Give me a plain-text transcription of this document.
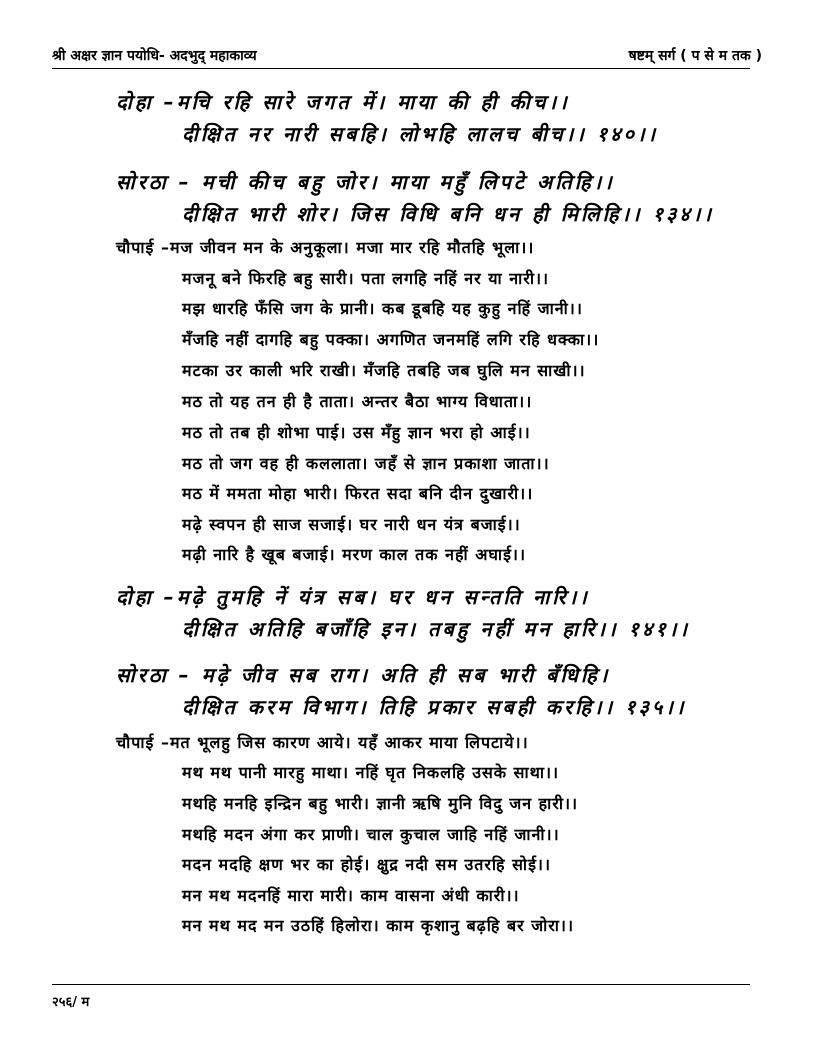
श्री अक्षर ज्ञान पयोधि- अदभुद् महाकाव्य	षष्टम् सर्ग ( प से म तक )
दोहा –मचि रहि सारे जगत में। माया की ही कीच।।
दीक्षित नर नारी सबहि। लोभहि लालच बीच।। १४०।।
सोरठा – मची कीच बहु जोर। माया महुँ लिपटे अतिहि।।
दीक्षित भारी शोर। जिस विधि बनि धन ही मिलिहि।। १३४।।
चौपाई –मज जीवन मन के अनुकूला। मजा मार रहि मौतहि भूला।।
मजनू बने फिरहि बहु सारी। पता लगहि नहिं नर या नारी।।
मझ धारहि फँसि जग के प्रानी। कब डूबहि यह कुहु नहिं जानी।।
मँजहि नहीं दागहि बहु पक्का। अगणित जनमहिं लगि रहि धक्का।।
मटका उर काली भरि राखी। मँजहि तबहि जब घुलि मन साखी।।
मठ तो यह तन ही है ताता। अन्तर बैठा भाग्य विधाता।।
मठ तो तब ही शोभा पाई। उस मँहु ज्ञान भरा हो आई।।
मठ तो जग वह ही कललाता। जहँ से ज्ञान प्रकाशा जाता।।
मठ में ममता मोहा भारी। फिरत सदा बनि दीन दुखारी।।
मढ़े स्वपन ही साज सजाई। घर नारी धन यंत्र बजाई।।
मढ़ी नारि है खूब बजाई। मरण काल तक नहीं अघाई।।
दोहा –मढ़े तुमहि नें यंत्र सब। घर धन सन्तति नारि।।
दीक्षित अतिहि बजाँहि इन। तबहु नहीं मन हारि।। १४१।।
सोरठा – मढ़े जीव सब राग। अति ही सब भारी बँधिहि।
दीक्षित करम विभाग। तिहि प्रकार सबही करहि।। १३५।।
चौपाई –मत भूलहु जिस कारण आये। यहँ आकर माया लिपटाये।।
मथ मथ पानी मारहु माथा। नहिं घृत निकलहि उसके साथा।।
मथहि मनहि इन्द्रिन बहु भारी। ज्ञानी ऋषि मुनि विदु जन हारी।।
मथहि मदन अंगा कर प्राणी। चाल कुचाल जाहि नहिं जानी।।
मदन मदहि क्षण भर का होई। क्षुद्र नदी सम उतरहि सोई।।
मन मथ मदनहिं मारा मारी। काम वासना अंधी कारी।।
मन मथ मद मन उठहिं हिलोरा। काम कृशानु बढ़हि बर जोरा।।
२५६/ म
